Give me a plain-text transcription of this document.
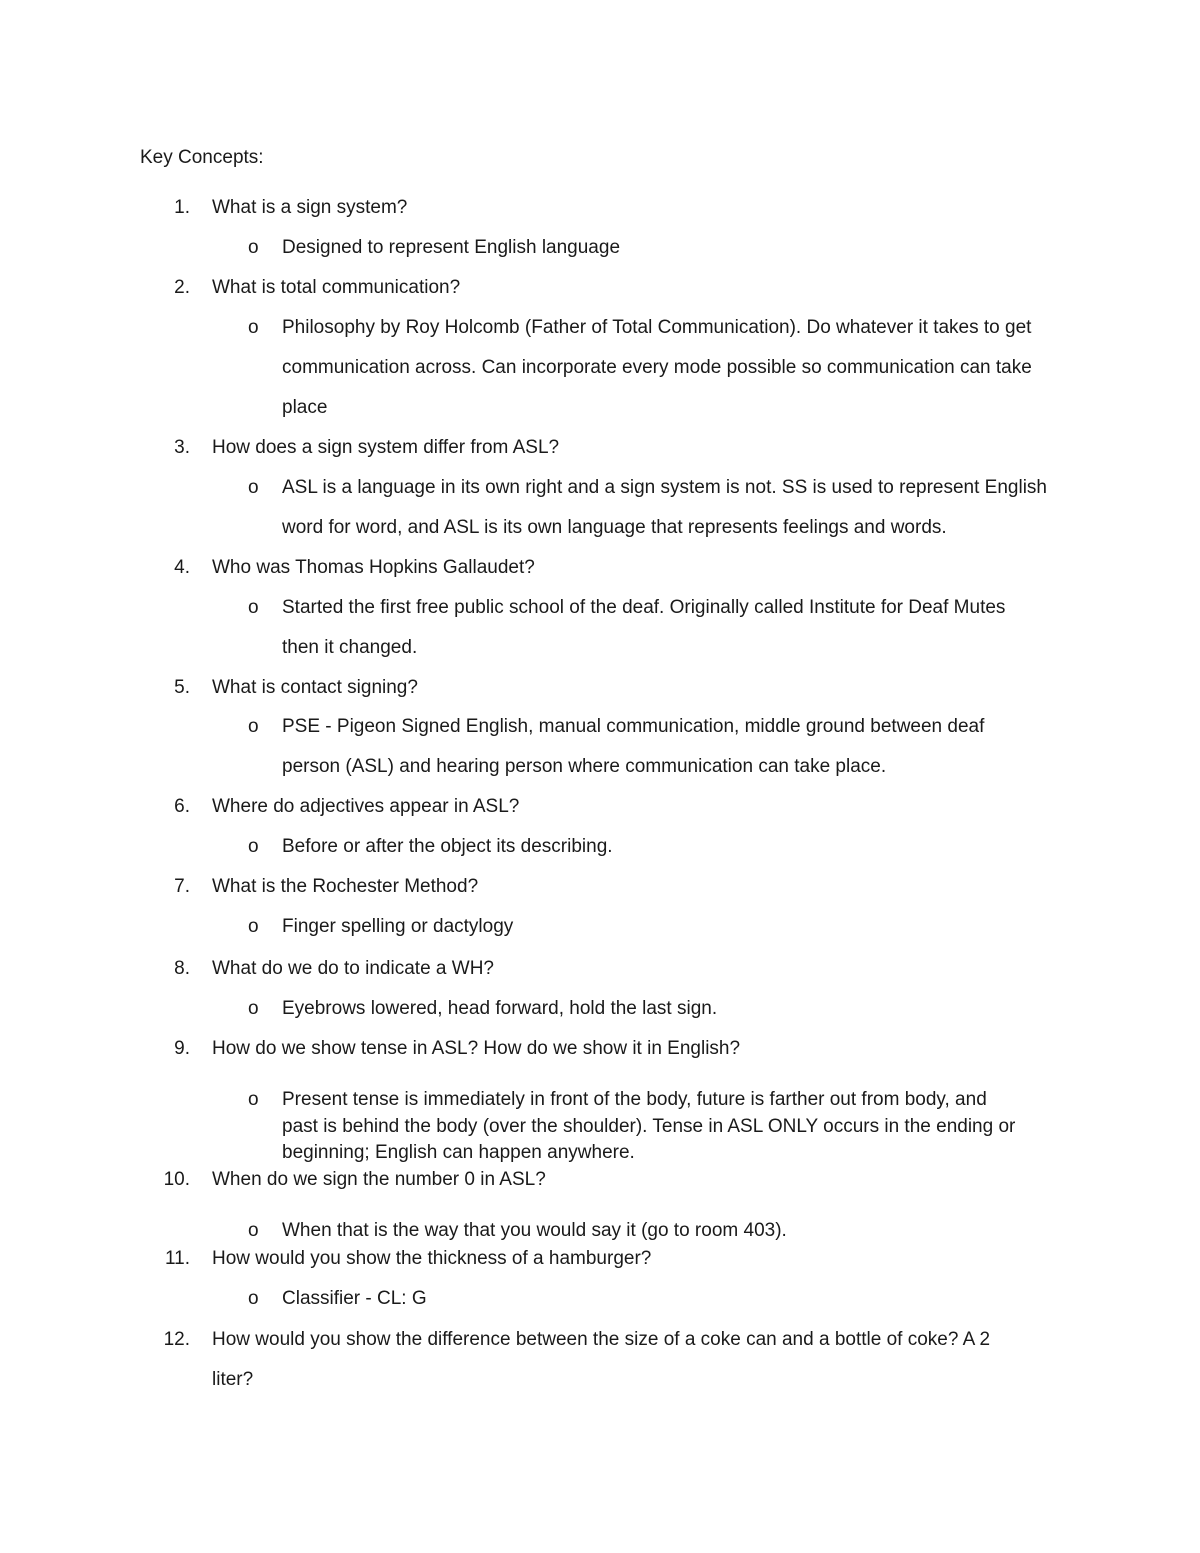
Key Concepts:
1. What is a sign system?
o Designed to represent English language
2. What is total communication?
o Philosophy by Roy Holcomb (Father of Total Communication). Do whatever it takes to get
communication across. Can incorporate every mode possible so communication can take
place
3. How does a sign system differ from ASL?
o ASL is a language in its own right and a sign system is not. SS is used to represent English
word for word, and ASL is its own language that represents feelings and words.
4. Who was Thomas Hopkins Gallaudet?
o Started the first free public school of the deaf. Originally called Institute for Deaf Mutes
then it changed.
5. What is contact signing?
o PSE - Pigeon Signed English, manual communication, middle ground between deaf
person (ASL) and hearing person where communication can take place.
6. Where do adjectives appear in ASL?
o Before or after the object its describing.
7. What is the Rochester Method?
o Finger spelling or dactylogy
8. What do we do to indicate a WH?
o Eyebrows lowered, head forward, hold the last sign.
9. How do we show tense in ASL? How do we show it in English?
o Present tense is immediately in front of the body, future is farther out from body, and
past is behind the body (over the shoulder). Tense in ASL ONLY occurs in the ending or
beginning; English can happen anywhere.
10. When do we sign the number 0 in ASL?
o When that is the way that you would say it (go to room 403).
11. How would you show the thickness of a hamburger?
o Classifier - CL: G
12. How would you show the difference between the size of a coke can and a bottle of coke? A 2
liter?
